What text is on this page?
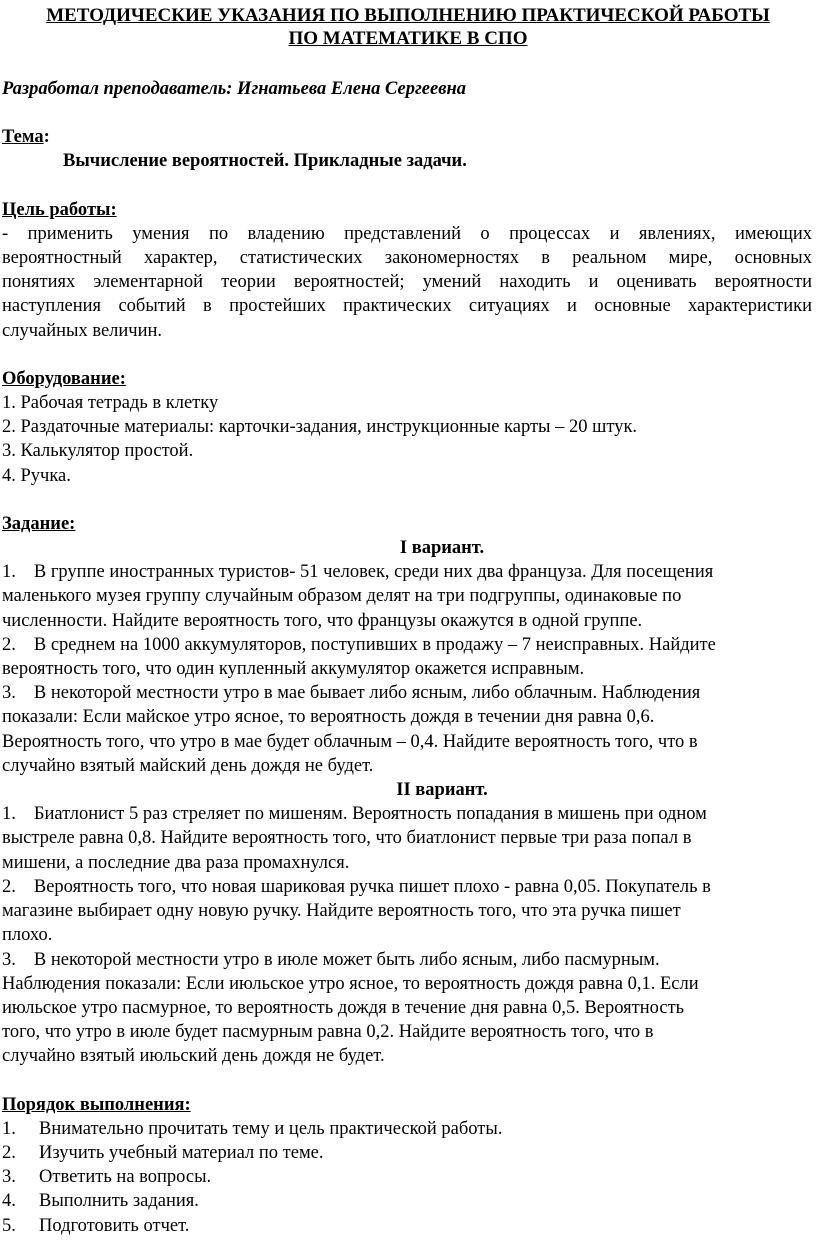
МЕТОДИЧЕСКИЕ УКАЗАНИЯ ПО ВЫПОЛНЕНИЮ ПРАКТИЧЕСКОЙ РАБОТЫ
ПО МАТЕМАТИКЕ В СПО
Разработал преподаватель: Игнатьева Елена Сергеевна
Тема:
Вычисление вероятностей. Прикладные задачи.
Цель работы:
- применить умения по владению представлений о процессах и явлениях, имеющих
вероятностный характер, статистических закономерностях в реальном мире, основных
понятиях элементарной теории вероятностей; умений находить и оценивать вероятности
наступления событий в простейших практических ситуациях и основные характеристики
случайных величин.
Оборудование:
1. Рабочая тетрадь в клетку
2. Раздаточные материалы: карточки-задания, инструкционные карты – 20 штук.
3. Калькулятор простой.
4. Ручка.
Задание:
I вариант.
1. В группе иностранных туристов- 51 человек, среди них два француза. Для посещения
маленького музея группу случайным образом делят на три подгруппы, одинаковые по
численности. Найдите вероятность того, что французы окажутся в одной группе.
2. В среднем на 1000 аккумуляторов, поступивших в продажу – 7 неисправных. Найдите
вероятность того, что один купленный аккумулятор окажется исправным.
3. В некоторой местности утро в мае бывает либо ясным, либо облачным. Наблюдения
показали: Если майское утро ясное, то вероятность дождя в течении дня равна 0,6.
Вероятность того, что утро в мае будет облачным – 0,4. Найдите вероятность того, что в
случайно взятый майский день дождя не будет.
II вариант.
1. Биатлонист 5 раз стреляет по мишеням. Вероятность попадания в мишень при одном
выстреле равна 0,8. Найдите вероятность того, что биатлонист первые три раза попал в
мишени, а последние два раза промахнулся.
2. Вероятность того, что новая шариковая ручка пишет плохо - равна 0,05. Покупатель в
магазине выбирает одну новую ручку. Найдите вероятность того, что эта ручка пишет
плохо.
3. В некоторой местности утро в июле может быть либо ясным, либо пасмурным.
Наблюдения показали: Если июльское утро ясное, то вероятность дождя равна 0,1. Если
июльское утро пасмурное, то вероятность дождя в течение дня равна 0,5. Вероятность
того, что утро в июле будет пасмурным равна 0,2. Найдите вероятность того, что в
случайно взятый июльский день дождя не будет.
Порядок выполнения:
1.	Внимательно прочитать тему и цель практической работы.
2.	Изучить учебный материал по теме.
3.	Ответить на вопросы.
4.	Выполнить задания.
5.	Подготовить отчет.
